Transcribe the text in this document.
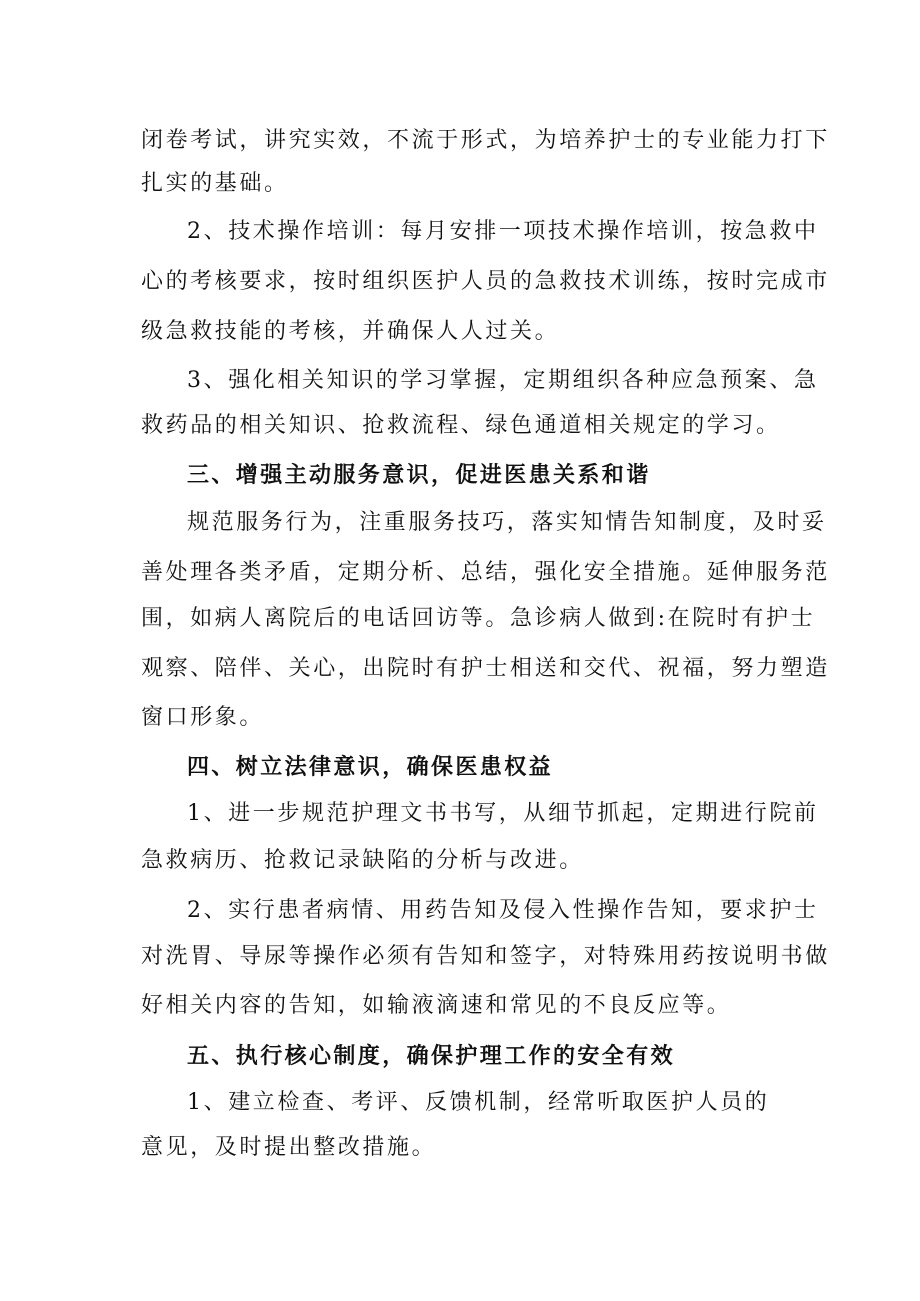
闭卷考试，讲究实效，不流于形式，为培养护士的专业能力打下
扎实的基础。
2、技术操作培训：每月安排一项技术操作培训，按急救中
心的考核要求，按时组织医护人员的急救技术训练，按时完成市
级急救技能的考核，并确保人人过关。
3、强化相关知识的学习掌握，定期组织各种应急预案、急
救药品的相关知识、抢救流程、绿色通道相关规定的学习。
三、增强主动服务意识，促进医患关系和谐
规范服务行为，注重服务技巧，落实知情告知制度，及时妥
善处理各类矛盾，定期分析、总结，强化安全措施。延伸服务范
围，如病人离院后的电话回访等。急诊病人做到:在院时有护士
观察、陪伴、关心，出院时有护士相送和交代、祝福，努力塑造
窗口形象。
四、树立法律意识，确保医患权益
1、进一步规范护理文书书写，从细节抓起，定期进行院前
急救病历、抢救记录缺陷的分析与改进。
2、实行患者病情、用药告知及侵入性操作告知，要求护士
对洗胃、导尿等操作必须有告知和签字，对特殊用药按说明书做
好相关内容的告知，如输液滴速和常见的不良反应等。
五、执行核心制度，确保护理工作的安全有效
1、建立检查、考评、反馈机制，经常听取医护人员的
意见，及时提出整改措施。
